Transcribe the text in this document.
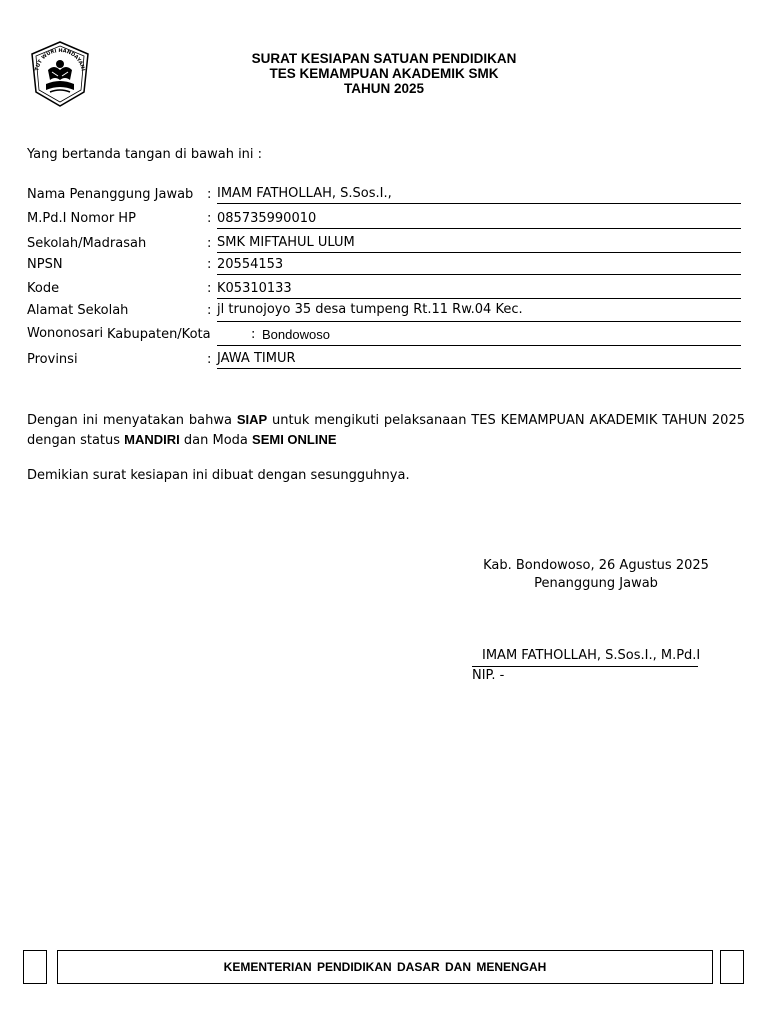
TUT WURI HANDAYANI
SURAT KESIAPAN SATUAN PENDIDIKAN
TES KEMAMPUAN AKADEMIK SMK
TAHUN 2025
Yang bertanda tangan di bawah ini :
Nama Penanggung Jawab : IMAM FATHOLLAH, S.Sos.I.,
M.Pd.I Nomor HP	: 085735990010
Sekolah/Madrasah	: SMK MIFTAHUL ULUM
NPSN	: 20554153
Kode	: K05310133
Alamat Sekolah	: jl trunojoyo 35 desa tumpeng Rt.11 Rw.04 Kec.
Wononosari Kabupaten/Kota	: Bondowoso
Provinsi	: JAWA TIMUR
Dengan ini menyatakan bahwa SIAP untuk mengikuti pelaksanaan TES KEMAMPUAN AKADEMIK TAHUN 2025 dengan status MANDIRI dan Moda SEMI ONLINE
Demikian surat kesiapan ini dibuat dengan sesungguhnya.
Kab. Bondowoso, 26 Agustus 2025
Penanggung Jawab
IMAM FATHOLLAH, S.Sos.I., M.Pd.I
NIP. -
KEMENTERIAN PENDIDIKAN DASAR DAN MENENGAH
